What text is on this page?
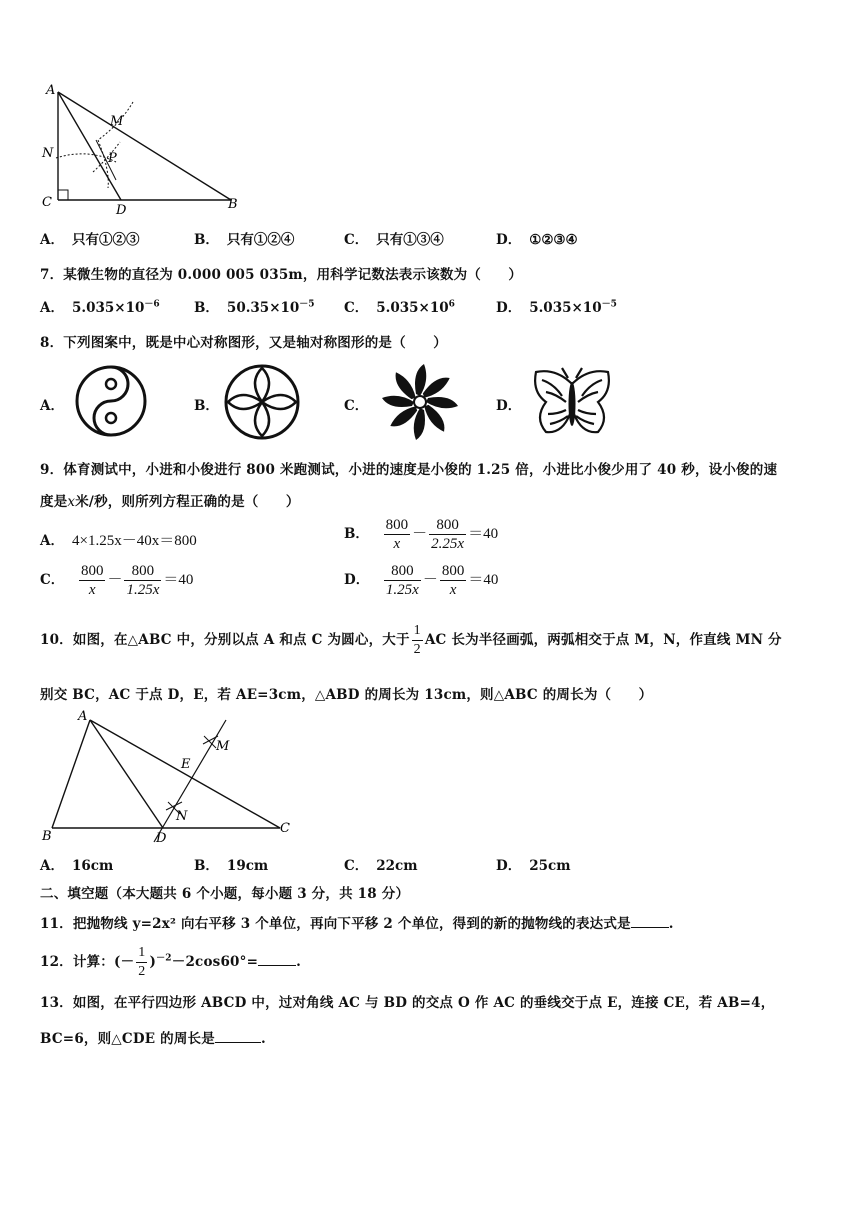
A
M
N	P
C
D	B
A． 只有①②③	B． 只有①②④	C． 只有①③④	D． ①②③④
7．某微生物的直径为 0.000 005 035m，用科学记数法表示该数为（　　）
A． $5.035\times 10^{-6}$	B． $50.35\times 10^{-5}$ C． $5.035\times 10^6$	D． $5.035\times 10^{-5}$
8．下列图案中，既是中心对称图形，又是轴对称图形的是（　　）
A．	B．	C．	D．
9．体育测试中，小进和小俊进行 800 米跑测试，小进的速度是小俊的 1.25 倍，小进比小俊少用了 40 秒，设小俊的速
度是x米/秒，则所列方程正确的是（　　）
A． 4×1.25x－40x＝800	B． $\frac{800}{x} - \frac{800}{2.25x} =40$
C． $\frac{800}{x} - \frac{800}{1.25x} =40$	D． $\frac{800}{1.25x} - \frac{800}{x} =40$
10．如图，在△ABC 中，分别以点 A 和点 C 为圆心，大于 $\frac{1}{2}$ AC 长为半径画弧，两弧相交于点 M，N，作直线 MN 分
别交 BC，AC 于点 D，E，若 AE=3cm，△ABD 的周长为 13cm，则△ABC 的周长为（　　）
A
M
E
N
B	D
C
A． 16cm	B． 19cm	C． 22cm	D． 25cm
二、填空题（本大题共 6 个小题，每小题 3 分，共 18 分）
11．把抛物线 y=2x² 向右平移 3 个单位，再向下平移 2 个单位，得到的新的抛物线的表达式是	.
12．计算：(－ $\frac{1}{2} )^{-2}-2\cos 60^\circ=$	.
13．如图，在平行四边形 ABCD 中，过对角线 AC 与 BD 的交点 O 作 AC 的垂线交于点 E，连接 CE，若 AB=4，
BC=6，则△CDE 的周长是	.
